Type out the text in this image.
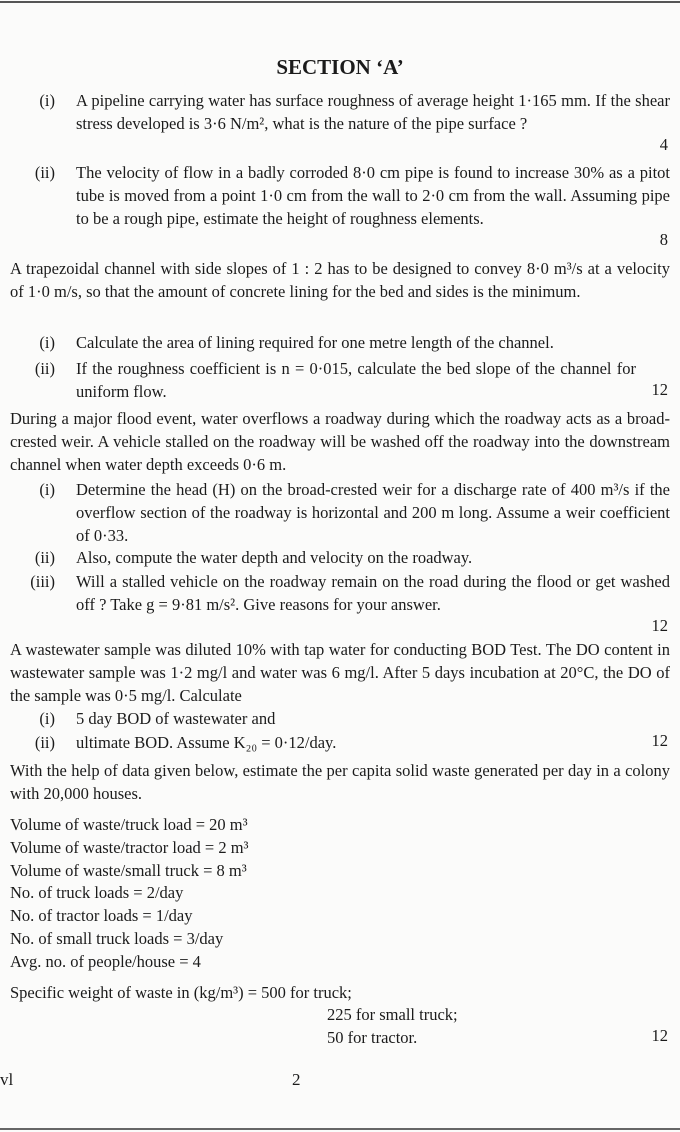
SECTION ‘A’
(i) A pipeline carrying water has surface roughness of average height 1·165 mm. If the shear stress developed is 3·6 N/m², what is the nature of the pipe surface ?
4
(ii) The velocity of flow in a badly corroded 8·0 cm pipe is found to increase 30% as a pitot tube is moved from a point 1·0 cm from the wall to 2·0 cm from the wall. Assuming pipe to be a rough pipe, estimate the height of roughness elements.
8
A trapezoidal channel with side slopes of 1 : 2 has to be designed to convey 8·0 m³/s at a velocity of 1·0 m/s, so that the amount of concrete lining for the bed and sides is the minimum.
(i) Calculate the area of lining required for one metre length of the channel.
(ii) If the roughness coefficient is n = 0·015, calculate the bed slope of the channel for uniform flow.	12
During a major flood event, water overflows a roadway during which the roadway acts as a broad-crested weir. A vehicle stalled on the roadway will be washed off the roadway into the downstream channel when water depth exceeds 0·6 m.
(i) Determine the head (H) on the broad-crested weir for a discharge rate of 400 m³/s if the overflow section of the roadway is horizontal and 200 m long. Assume a weir coefficient of 0·33.
(ii) Also, compute the water depth and velocity on the roadway.
(iii) Will a stalled vehicle on the roadway remain on the road during the flood or get washed off ? Take g = 9·81 m/s². Give reasons for your answer.
12
A wastewater sample was diluted 10% with tap water for conducting BOD Test. The DO content in wastewater sample was 1·2 mg/l and water was 6 mg/l. After 5 days incubation at 20°C, the DO of the sample was 0·5 mg/l. Calculate
(i) 5 day BOD of wastewater and
(ii) ultimate BOD. Assume K₂₀ = 0·12/day.	12
With the help of data given below, estimate the per capita solid waste generated per day in a colony with 20,000 houses.
Volume of waste/truck load = 20 m³
Volume of waste/tractor load = 2 m³
Volume of waste/small truck = 8 m³
No. of truck loads = 2/day
No. of tractor loads = 1/day
No. of small truck loads = 3/day
Avg. no. of people/house = 4
Specific weight of waste in (kg/m³) = 500 for truck;
225 for small truck;
50 for tractor.	12
vl	2
